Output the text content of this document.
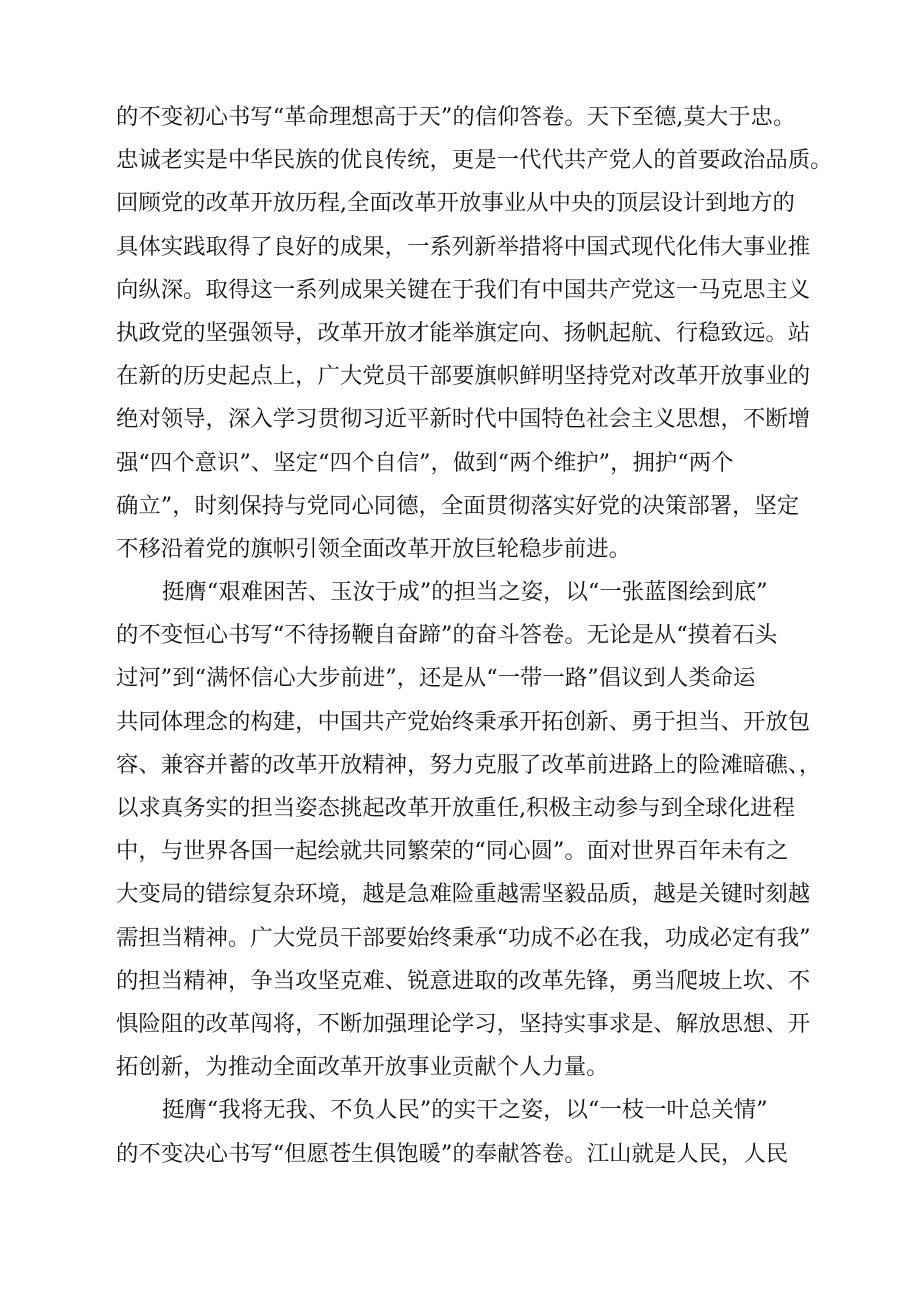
的不变初心书写“革命理想高于天”的信仰答卷。天下至德,莫大于忠。
忠诚老实是中华民族的优良传统，更是一代代共产党人的首要政治品质。
回顾党的改革开放历程,全面改革开放事业从中央的顶层设计到地方的
具体实践取得了良好的成果，一系列新举措将中国式现代化伟大事业推
向纵深。取得这一系列成果关键在于我们有中国共产党这一马克思主义
执政党的坚强领导，改革开放才能举旗定向、扬帆起航、行稳致远。站
在新的历史起点上，广大党员干部要旗帜鲜明坚持党对改革开放事业的
绝对领导，深入学习贯彻习近平新时代中国特色社会主义思想，不断增
强“四个意识”、坚定“四个自信”，做到“两个维护”，拥护“两个
确立”，时刻保持与党同心同德，全面贯彻落实好党的决策部署，坚定
不移沿着党的旗帜引领全面改革开放巨轮稳步前进。
挺膺“艰难困苦、玉汝于成”的担当之姿，以“一张蓝图绘到底”
的不变恒心书写“不待扬鞭自奋蹄”的奋斗答卷。无论是从“摸着石头
过河”到“满怀信心大步前进”，还是从“一带一路”倡议到人类命运
共同体理念的构建，中国共产党始终秉承开拓创新、勇于担当、开放包
容、兼容并蓄的改革开放精神，努力克服了改革前进路上的险滩暗礁、，
以求真务实的担当姿态挑起改革开放重任,积极主动参与到全球化进程
中，与世界各国一起绘就共同繁荣的“同心圆”。面对世界百年未有之
大变局的错综复杂环境，越是急难险重越需坚毅品质，越是关键时刻越
需担当精神。广大党员干部要始终秉承“功成不必在我，功成必定有我”
的担当精神，争当攻坚克难、锐意进取的改革先锋，勇当爬坡上坎、不
惧险阻的改革闯将，不断加强理论学习，坚持实事求是、解放思想、开
拓创新，为推动全面改革开放事业贡献个人力量。
挺膺“我将无我、不负人民”的实干之姿，以“一枝一叶总关情”
的不变决心书写“但愿苍生俱饱暖”的奉献答卷。江山就是人民，人民
